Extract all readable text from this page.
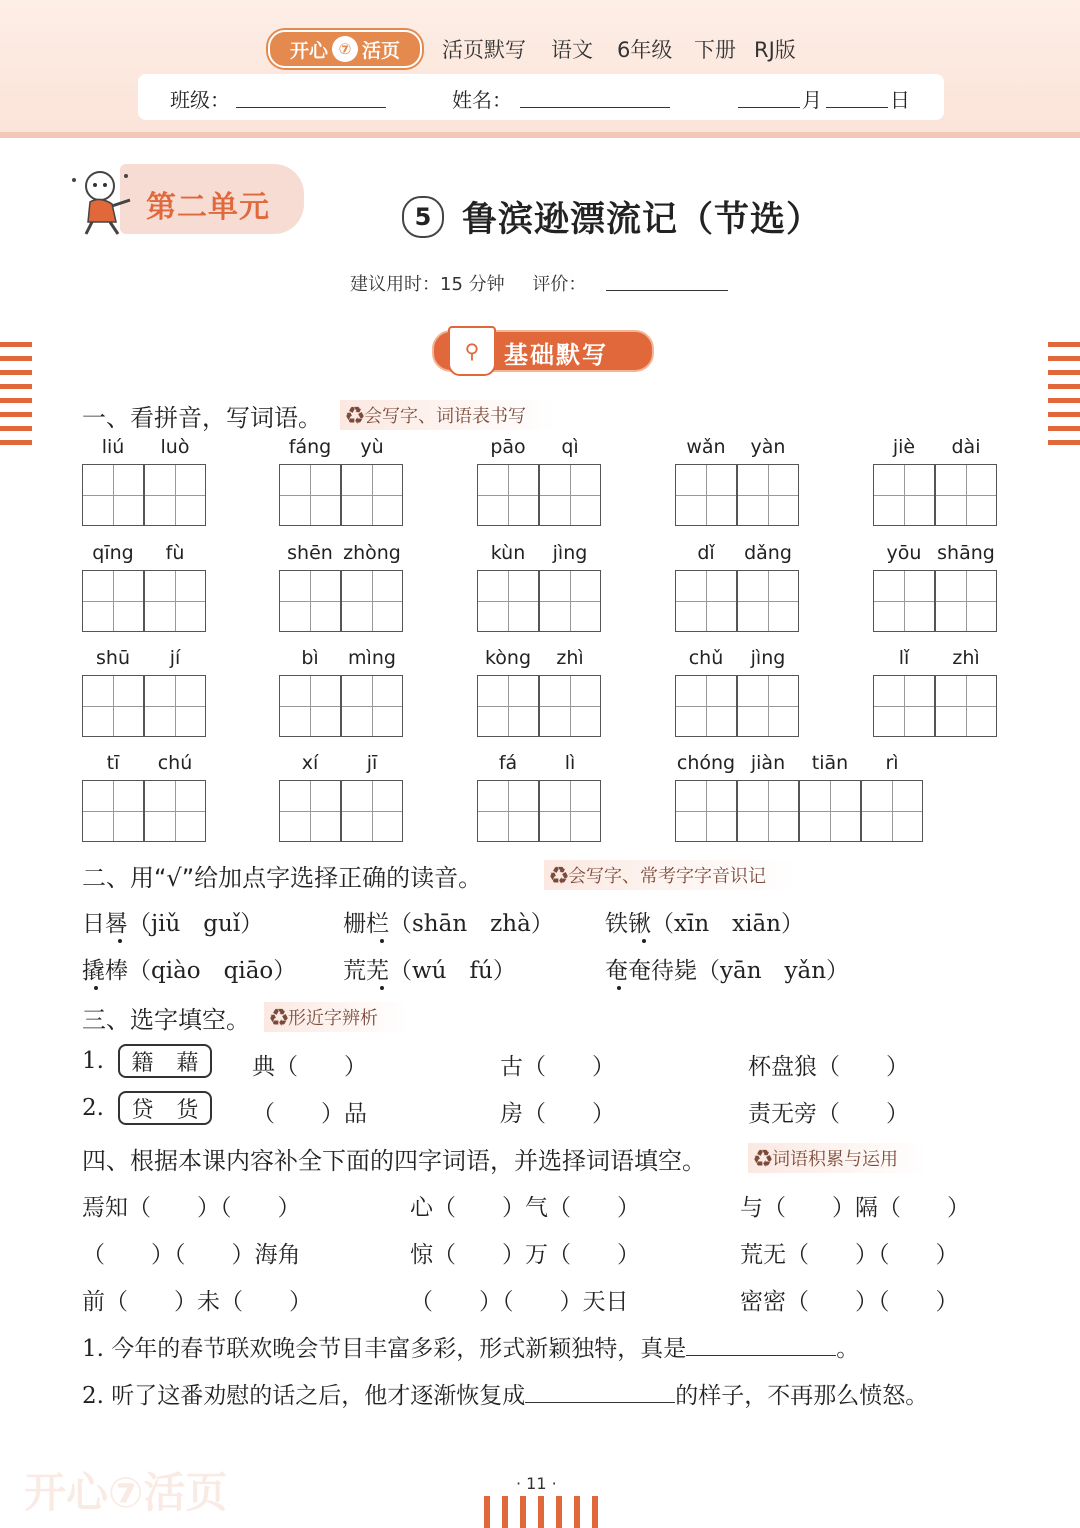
开心 ⑦ 活页 活页默写 语文 6年级 下册 RJ版
班级：	姓名：	月	日
第二单元	5 鲁滨逊漂流记（节选）
建议用时：15 分钟 评价：
⚲	基础默写
一、看拼音，写词语。	♻会写字、词语表书写
liú	luò	fáng	yù	pāo	qì	wǎn	yàn	jiè	dài
qīng	fù	shēn zhòng	kùn	jìng	dǐ	dǎng	yōu shāng
shū	jí	bì	mìng	kòng	zhì	chǔ	jìng	lǐ	zhì
tī	chú	xí	jī	fá	lì	chóng jiàn	tiān	rì
二、用“√”给加点字选择正确的读音。	♻会写字、常考字字音识记
日晷（jiǔ　guǐ）	栅栏（shān　zhà） 铁锹（xīn　xiān）
撬棒（qiào　qiāo） 荒芜（wú　fú）	奄奄待毙（yān　yǎn）
三、选字填空。	♻形近字辨析
1. 籍 藉 典（　　）	古（　　）	杯盘狼（　　）
2. 贷 货 （　　）品	房（　　）	责无旁（　　）
四、根据本课内容补全下面的四字词语，并选择词语填空。	♻词语积累与运用
焉知（　　）（　　）	心（　　）气（　　）	与（　　）隔（　　）
（　　）（　　）海角	惊（　　）万（　　）	荒无（　　）（　　）
前（　　）未（　　）	（　　）（　　）天日	密密（　　）（　　）
1. 今年的春节联欢晚会节目丰富多彩，形式新颖独特，真是	。
2. 听了这番劝慰的话之后，他才逐渐恢复成	的样子，不再那么愤怒。
开心⑦活页	· 11 ·
